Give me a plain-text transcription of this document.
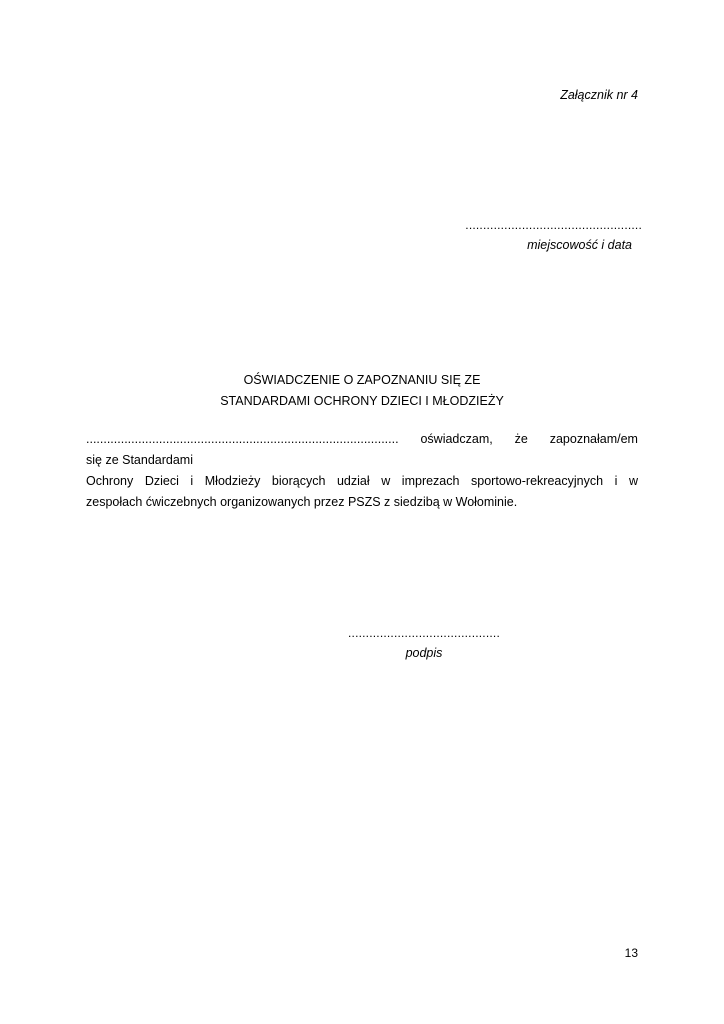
Załącznik nr 4
..................................................
miejscowość i data
OŚWIADCZENIE O ZAPOZNANIU SIĘ ZE
STANDARDAMI OCHRONY DZIECI I MŁODZIEŻY
.......................................................................................... oświadczam, że zapoznałam/em
się ze Standardami
Ochrony Dzieci i Młodzieży biorących udział w imprezach sportowo-rekreacyjnych i w
zespołach ćwiczebnych organizowanych przez PSZS z siedzibą w Wołominie.
...........................................
podpis
13
